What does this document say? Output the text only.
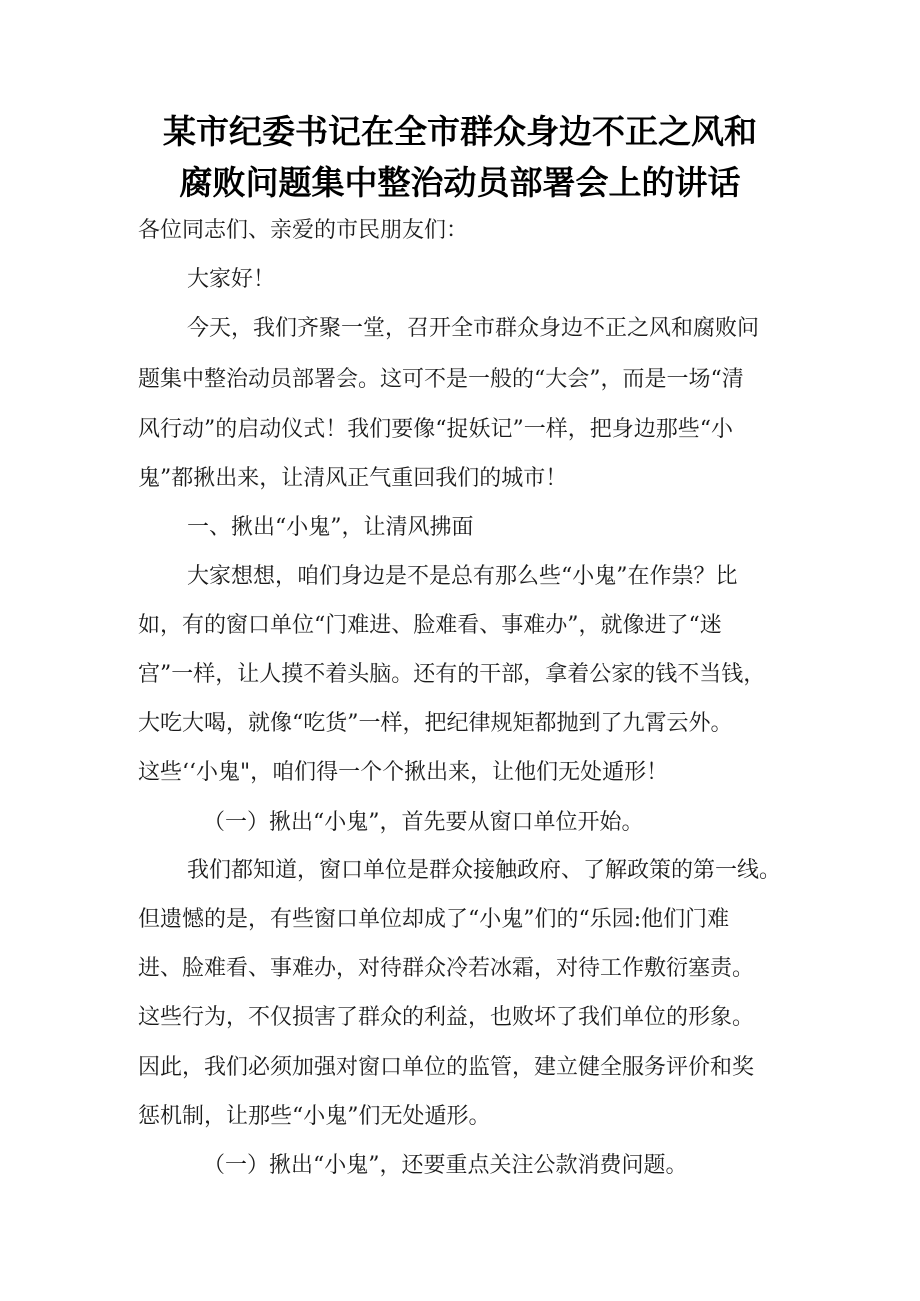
某市纪委书记在全市群众身边不正之风和
腐败问题集中整治动员部署会上的讲话

各位同志们、亲爱的市民朋友们：

大家好！

今天，我们齐聚一堂，召开全市群众身边不正之风和腐败问

题集中整治动员部署会。这可不是一般的“大会”，而是一场“清

风行动”的启动仪式！我们要像“捉妖记”一样，把身边那些“小

鬼”都揪出来，让清风正气重回我们的城市！

一、揪出“小鬼”，让清风拂面

大家想想，咱们身边是不是总有那么些“小鬼”在作祟？比

如，有的窗口单位“门难进、脸难看、事难办”，就像进了“迷

宫”一样，让人摸不着头脑。还有的干部，拿着公家的钱不当钱，

大吃大喝，就像“吃货”一样，把纪律规矩都抛到了九霄云外。

这些‘‘小鬼"，咱们得一个个揪出来，让他们无处遁形！

（一）揪出“小鬼”，首先要从窗口单位开始。

我们都知道，窗口单位是群众接触政府、了解政策的第一线。

但遗憾的是，有些窗口单位却成了“小鬼”们的“乐园:他们门难

进、脸难看、事难办，对待群众冷若冰霜，对待工作敷衍塞责。

这些行为，不仅损害了群众的利益，也败坏了我们单位的形象。

因此，我们必须加强对窗口单位的监管，建立健全服务评价和奖

惩机制，让那些“小鬼”们无处遁形。

（一）揪出“小鬼”，还要重点关注公款消费问题。
